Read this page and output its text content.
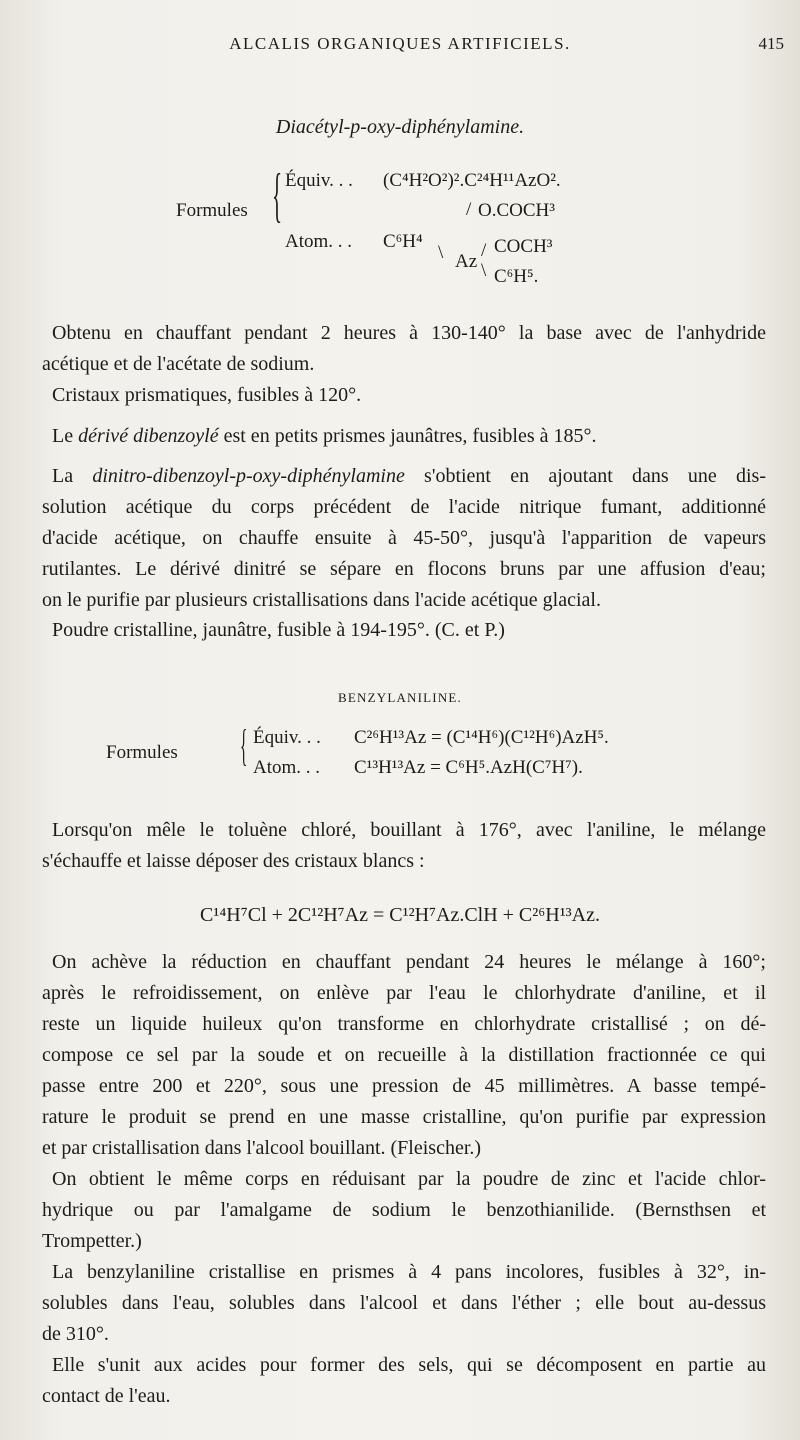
ALCALIS ORGANIQUES ARTIFICIELS.	415
Diacétyl-p-oxy-diphénylamine.
Formules { Équiv. . . (C⁴H²O²)².C²⁴H¹¹AzO².
Atom. . . C⁶H⁴
/ O.COCH³
\ Az
/ COCH³
\ C⁶H⁵.
Obtenu en chauffant pendant 2 heures à 130-140° la base avec de l'anhydride
acétique et de l'acétate de sodium.
Cristaux prismatiques, fusibles à 120°.
Le dérivé dibenzoylé est en petits prismes jaunâtres, fusibles à 185°.
La dinitro-dibenzoyl-p-oxy-diphénylamine s'obtient en ajoutant dans une dis-
solution acétique du corps précédent de l'acide nitrique fumant, additionné
d'acide acétique, on chauffe ensuite à 45-50°, jusqu'à l'apparition de vapeurs
rutilantes. Le dérivé dinitré se sépare en flocons bruns par une affusion d'eau;
on le purifie par plusieurs cristallisations dans l'acide acétique glacial.
Poudre cristalline, jaunâtre, fusible à 194-195°. (C. et P.)
BENZYLANILINE.
Formules { Équiv. . . C²⁶H¹³Az = (C¹⁴H⁶)(C¹²H⁶)AzH⁵.
Atom. . . C¹³H¹³Az = C⁶H⁵.AzH(C⁷H⁷).
Lorsqu'on mêle le toluène chloré, bouillant à 176°, avec l'aniline, le mélange
s'échauffe et laisse déposer des cristaux blancs :
C¹⁴H⁷Cl + 2C¹²H⁷Az = C¹²H⁷Az.ClH + C²⁶H¹³Az.
On achève la réduction en chauffant pendant 24 heures le mélange à 160°;
après le refroidissement, on enlève par l'eau le chlorhydrate d'aniline, et il
reste un liquide huileux qu'on transforme en chlorhydrate cristallisé ; on dé-
compose ce sel par la soude et on recueille à la distillation fractionnée ce qui
passe entre 200 et 220°, sous une pression de 45 millimètres. A basse tempé-
rature le produit se prend en une masse cristalline, qu'on purifie par expression
et par cristallisation dans l'alcool bouillant. (Fleischer.)
On obtient le même corps en réduisant par la poudre de zinc et l'acide chlor-
hydrique ou par l'amalgame de sodium le benzothianilide. (Bernsthsen et
Trompetter.)
La benzylaniline cristallise en prismes à 4 pans incolores, fusibles à 32°, in-
solubles dans l'eau, solubles dans l'alcool et dans l'éther ; elle bout au-dessus
de 310°.
Elle s'unit aux acides pour former des sels, qui se décomposent en partie au
contact de l'eau.
